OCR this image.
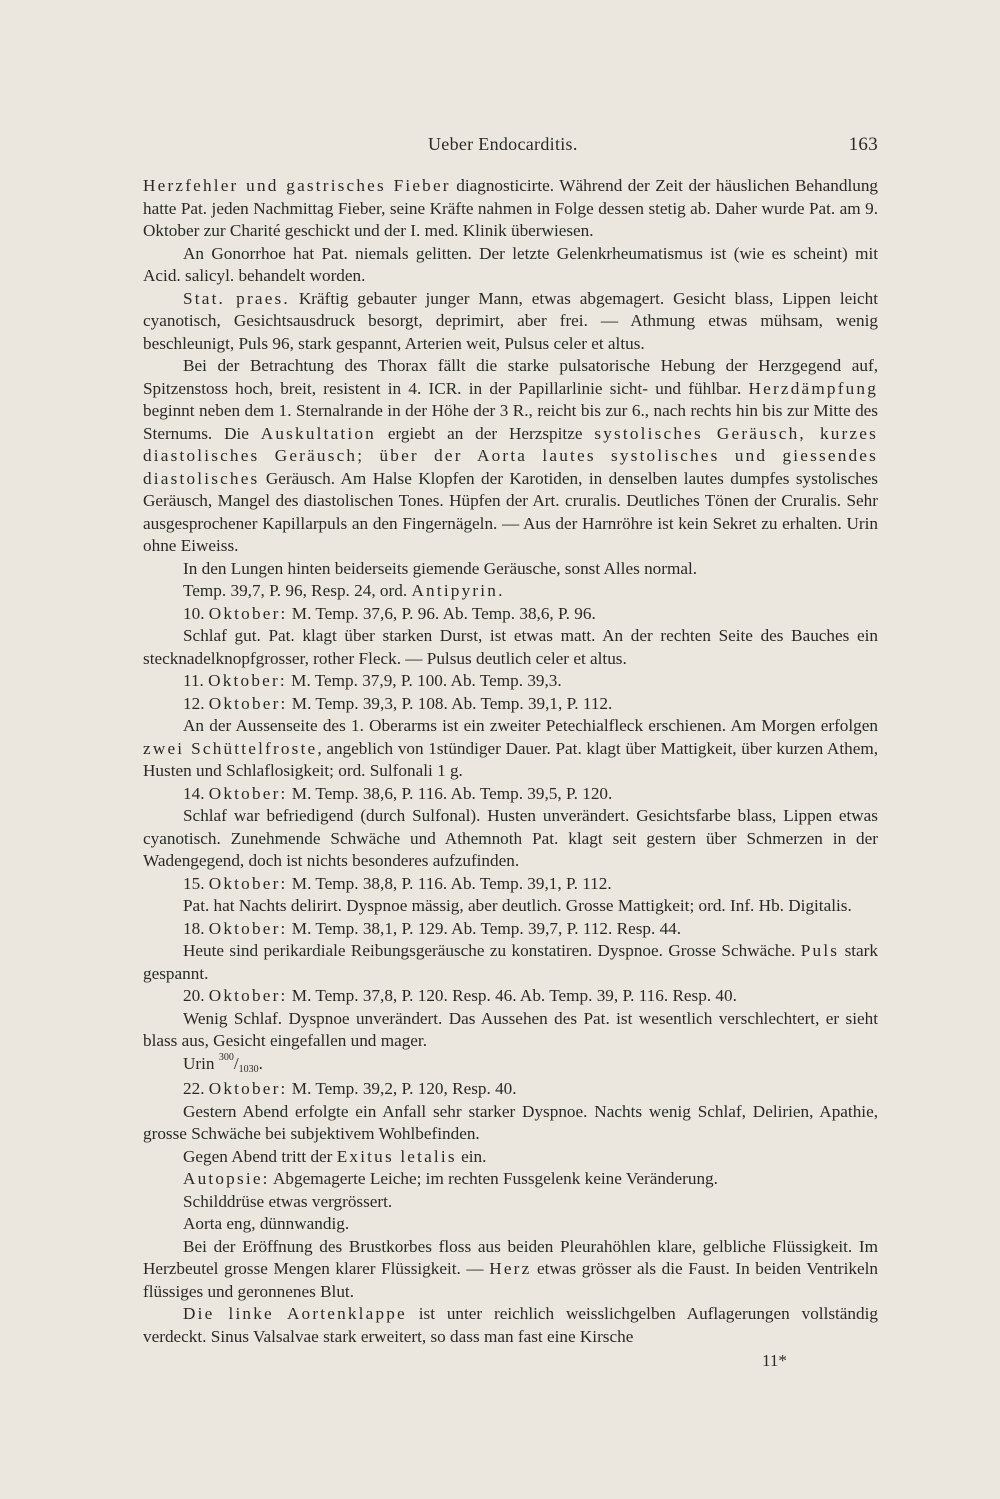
Ueber Endocarditis.	163

Herzfehler und gastrisches Fieber diagnosticirte. Während der Zeit der häuslichen Behandlung hatte Pat. jeden Nachmittag Fieber, seine Kräfte nahmen in Folge dessen stetig ab. Daher wurde Pat. am 9. Oktober zur Charité geschickt und der I. med. Klinik überwiesen.

An Gonorrhoe hat Pat. niemals gelitten. Der letzte Gelenkrheumatismus ist (wie es scheint) mit Acid. salicyl. behandelt worden.

Stat. praes. Kräftig gebauter junger Mann, etwas abgemagert. Gesicht blass, Lippen leicht cyanotisch, Gesichtsausdruck besorgt, deprimirt, aber frei. — Athmung etwas mühsam, wenig beschleunigt, Puls 96, stark gespannt, Arterien weit, Pulsus celer et altus.

Bei der Betrachtung des Thorax fällt die starke pulsatorische Hebung der Herzgegend auf, Spitzenstoss hoch, breit, resistent in 4. ICR. in der Papillarlinie sicht- und fühlbar. Herzdämpfung beginnt neben dem 1. Sternalrande in der Höhe der 3 R., reicht bis zur 6., nach rechts hin bis zur Mitte des Sternums. Die Auskultation ergiebt an der Herzspitze systolisches Geräusch, kurzes diastolisches Geräusch; über der Aorta lautes systolisches und giessendes diastolisches Geräusch. Am Halse Klopfen der Karotiden, in denselben lautes dumpfes systolisches Geräusch, Mangel des diastolischen Tones. Hüpfen der Art. cruralis. Deutliches Tönen der Cruralis. Sehr ausgesprochener Kapillarpuls an den Fingernägeln. — Aus der Harnröhre ist kein Sekret zu erhalten. Urin ohne Eiweiss.

In den Lungen hinten beiderseits giemende Geräusche, sonst Alles normal.

Temp. 39,7, P. 96, Resp. 24, ord. Antipyrin.

10. Oktober: M. Temp. 37,6, P. 96. Ab. Temp. 38,6, P. 96.

Schlaf gut. Pat. klagt über starken Durst, ist etwas matt. An der rechten Seite des Bauches ein stecknadelknopfgrosser, rother Fleck. — Pulsus deutlich celer et altus.

11. Oktober: M. Temp. 37,9, P. 100. Ab. Temp. 39,3.

12. Oktober: M. Temp. 39,3, P. 108. Ab. Temp. 39,1, P. 112.

An der Aussenseite des 1. Oberarms ist ein zweiter Petechialfleck erschienen. Am Morgen erfolgen zwei Schüttelfroste, angeblich von 1stündiger Dauer. Pat. klagt über Mattigkeit, über kurzen Athem, Husten und Schlaflosigkeit; ord. Sulfonali 1 g.

14. Oktober: M. Temp. 38,6, P. 116. Ab. Temp. 39,5, P. 120.

Schlaf war befriedigend (durch Sulfonal). Husten unverändert. Gesichtsfarbe blass, Lippen etwas cyanotisch. Zunehmende Schwäche und Athemnoth Pat. klagt seit gestern über Schmerzen in der Wadengegend, doch ist nichts besonderes aufzufinden.

15. Oktober: M. Temp. 38,8, P. 116. Ab. Temp. 39,1, P. 112.

Pat. hat Nachts delirirt. Dyspnoe mässig, aber deutlich. Grosse Mattigkeit; ord. Inf. Hb. Digitalis.

18. Oktober: M. Temp. 38,1, P. 129. Ab. Temp. 39,7, P. 112. Resp. 44.

Heute sind perikardiale Reibungsgeräusche zu konstatiren. Dyspnoe. Grosse Schwäche. Puls stark gespannt.

20. Oktober: M. Temp. 37,8, P. 120. Resp. 46. Ab. Temp. 39, P. 116. Resp. 40.

Wenig Schlaf. Dyspnoe unverändert. Das Aussehen des Pat. ist wesentlich verschlechtert, er sieht blass aus, Gesicht eingefallen und mager.

Urin $^{300}/_{1030}$.

22. Oktober: M. Temp. 39,2, P. 120, Resp. 40.

Gestern Abend erfolgte ein Anfall sehr starker Dyspnoe. Nachts wenig Schlaf, Delirien, Apathie, grosse Schwäche bei subjektivem Wohlbefinden.

Gegen Abend tritt der Exitus letalis ein.

Autopsie: Abgemagerte Leiche; im rechten Fussgelenk keine Veränderung.

Schilddrüse etwas vergrössert.

Aorta eng, dünnwandig.

Bei der Eröffnung des Brustkorbes floss aus beiden Pleurahöhlen klare, gelbliche Flüssigkeit. Im Herzbeutel grosse Mengen klarer Flüssigkeit. — Herz etwas grösser als die Faust. In beiden Ventrikeln flüssiges und geronnenes Blut.

Die linke Aortenklappe ist unter reichlich weisslichgelben Auflagerungen vollständig verdeckt. Sinus Valsalvae stark erweitert, so dass man fast eine Kirsche

11*
